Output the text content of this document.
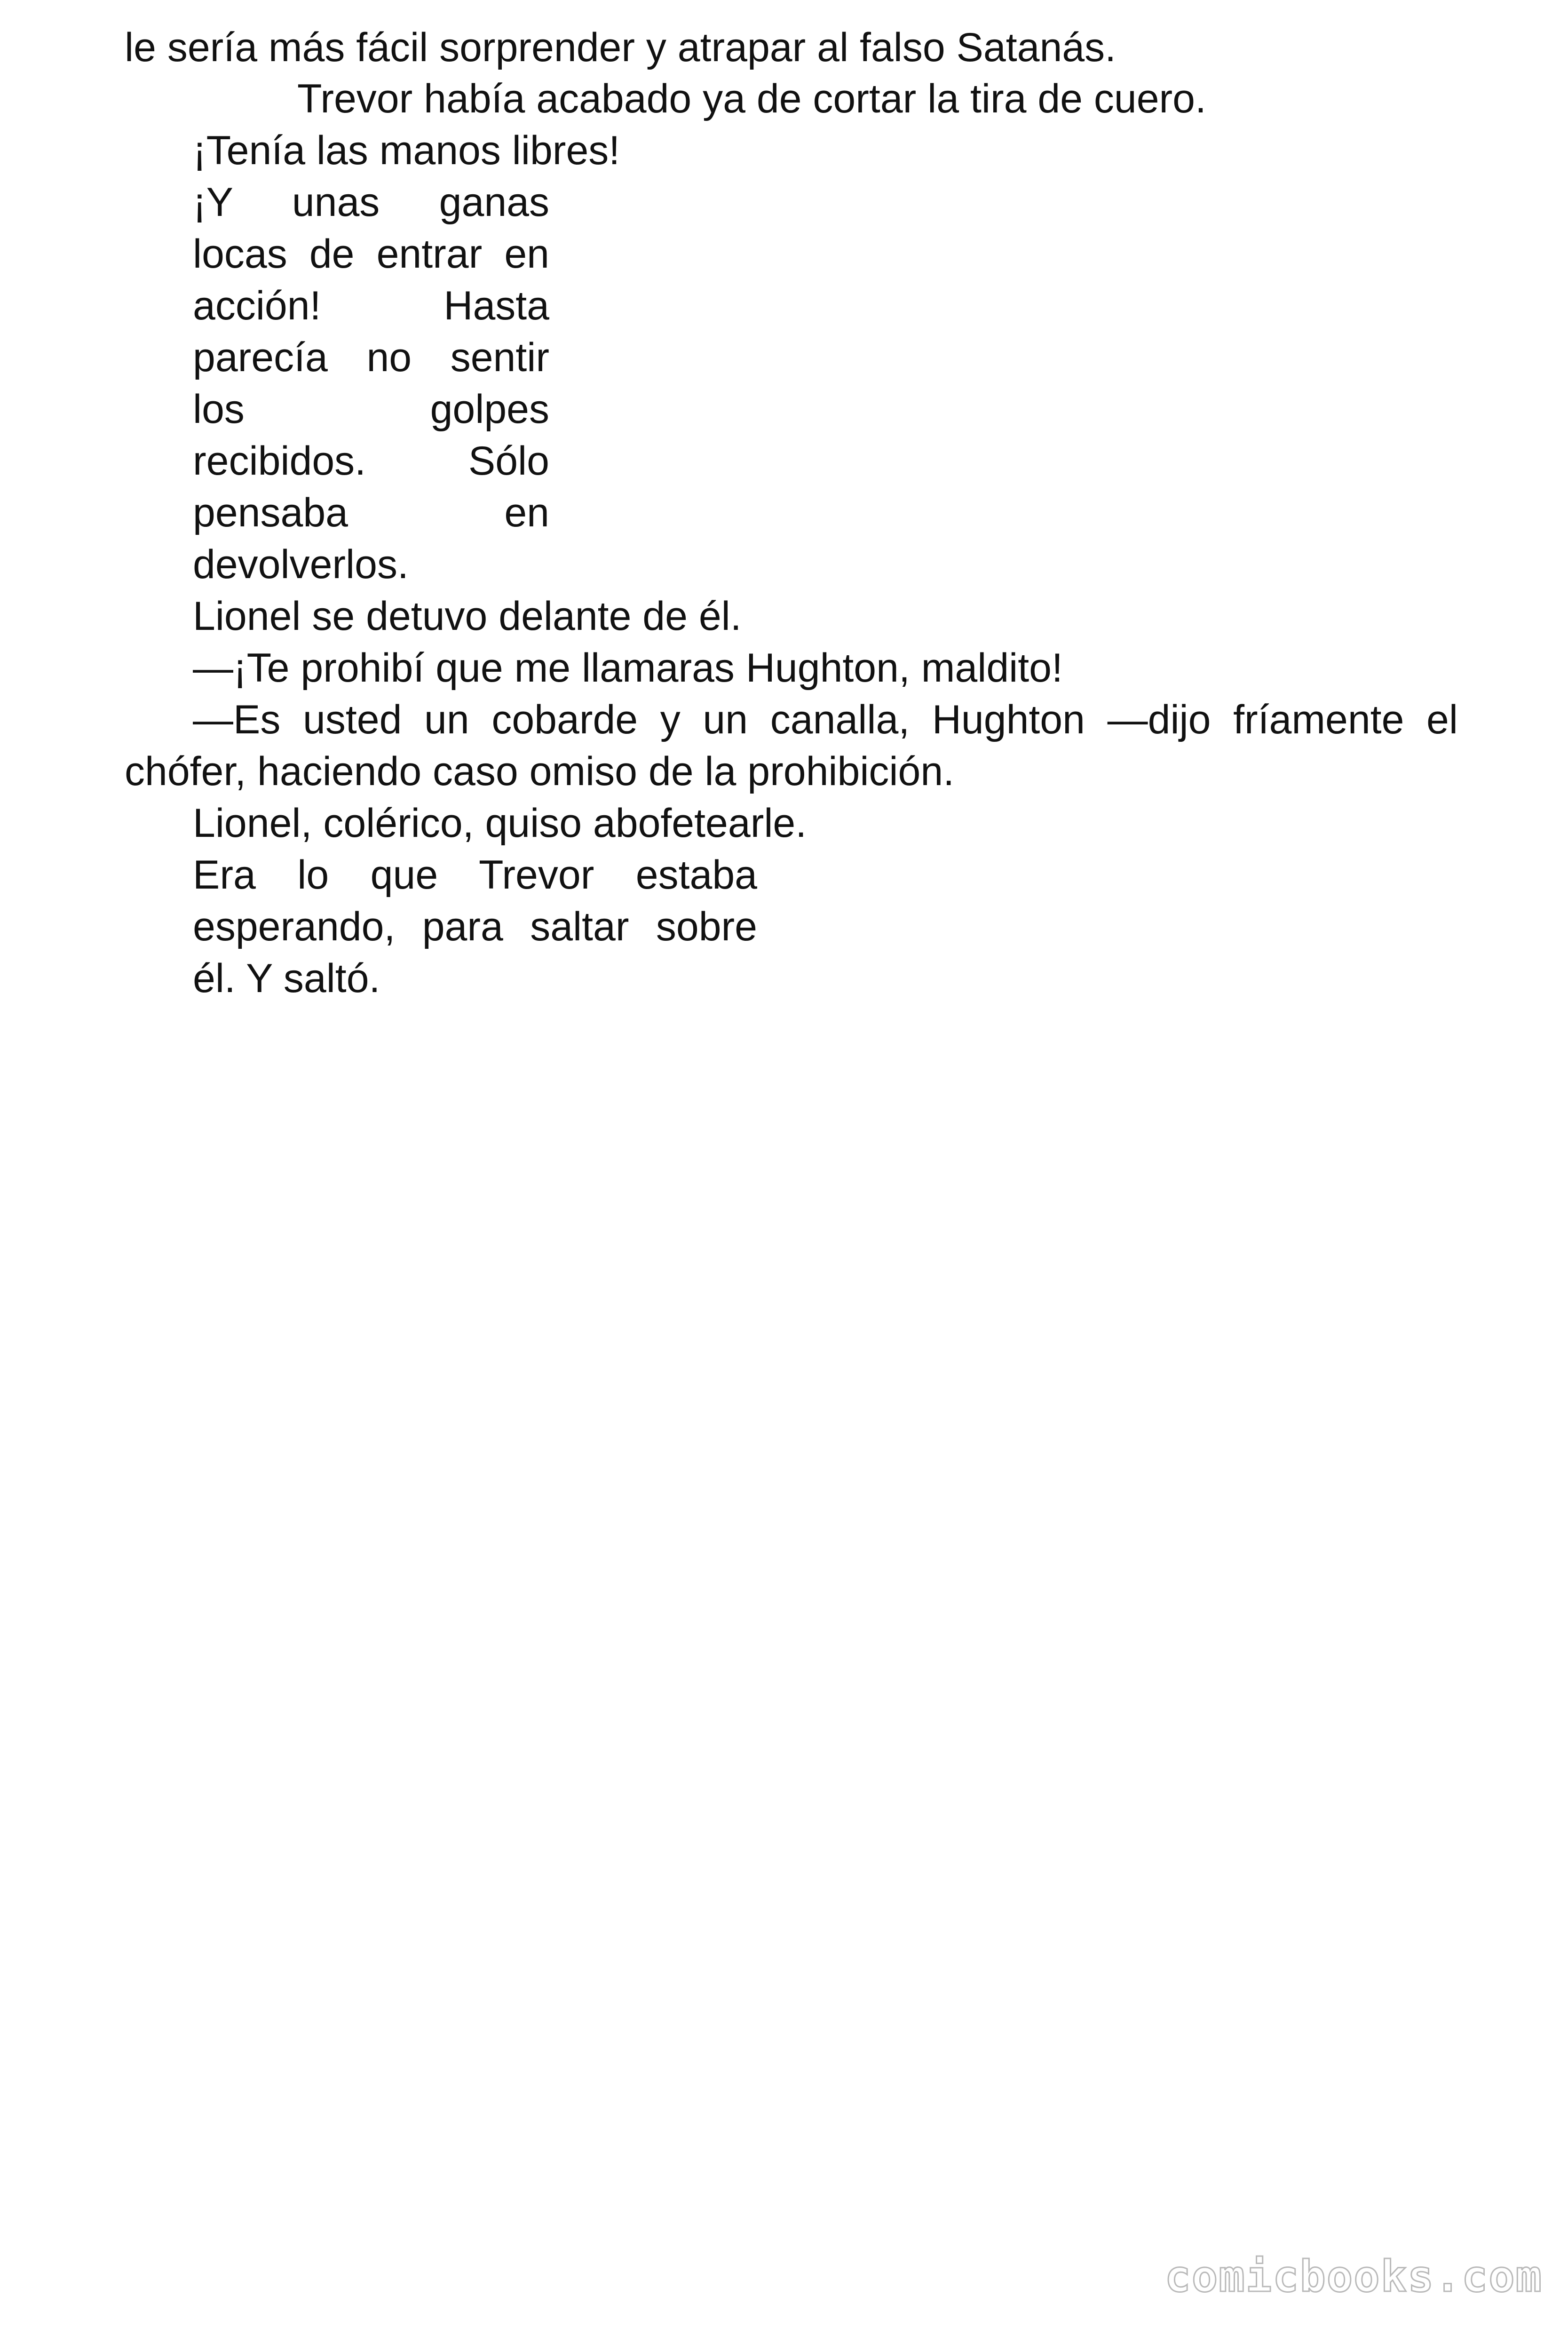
le sería más fácil sorprender y atrapar al falso Satanás.
Trevor había acabado ya de cortar la tira de cuero.
¡Tenía las manos libres!
¡Y unas ganas
locas de entrar en
acción! Hasta
parecía no sentir
los golpes
recibidos. Sólo
pensaba en
devolverlos.
Lionel se detuvo delante de él.
—¡Te prohibí que me llamaras Hughton, maldito!
—Es usted un cobarde y un canalla, Hughton —dijo fríamente el
chófer, haciendo caso omiso de la prohibición.
Lionel, colérico, quiso abofetearle.
Era lo que Trevor estaba
esperando, para saltar sobre
él. Y saltó.
comicbooks.com
